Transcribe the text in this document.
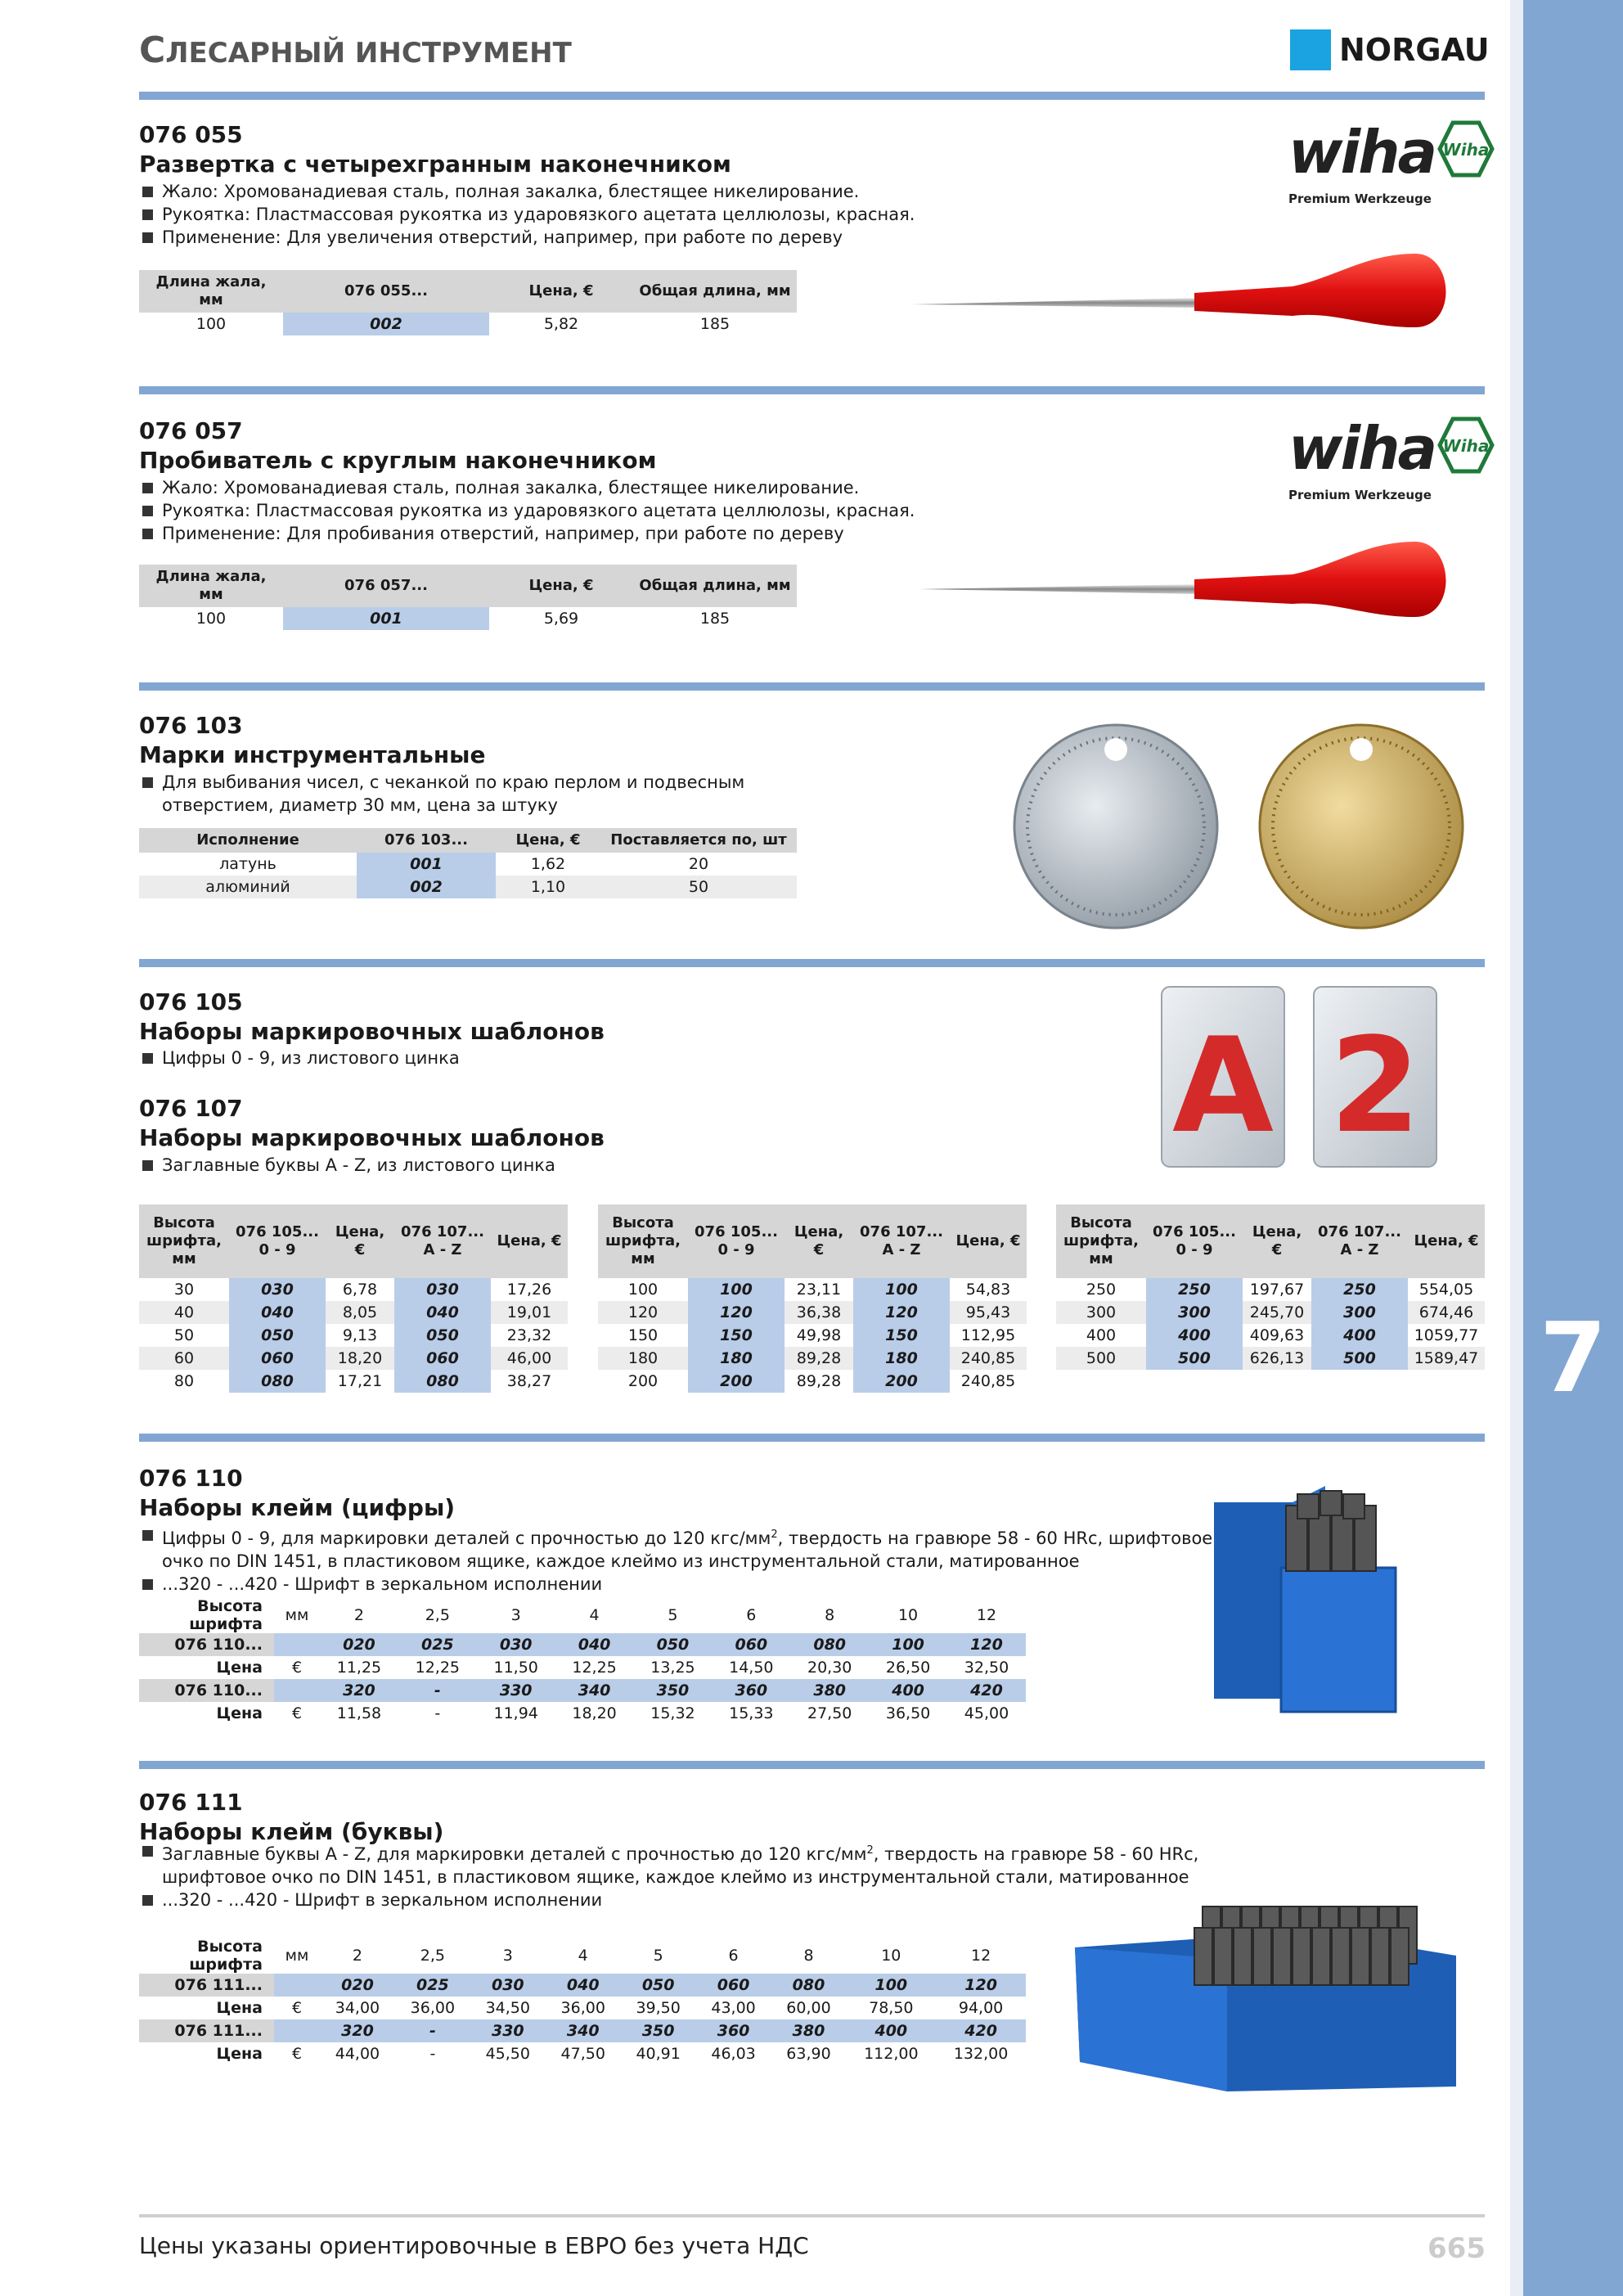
7
СЛЕСАРНЫЙ ИНСТРУМЕНТ	NORGAU
076 055
Развертка с четырехгранным наконечником
Жало: Хромованадиевая сталь, полная закалка, блестящее никелирование.
Рукоятка: Пластмассовая рукоятка из ударовязкого ацетата целлюлозы, красная.
Применение: Для увеличения отверстий, например, при работе по дереву
Длина жала, мм	076 055...	Цена, €	Общая длина, мм
100	002	5,82	185
wiha Wiha
Premium Werkzeuge
076 057
Пробиватель с круглым наконечником
Жало: Хромованадиевая сталь, полная закалка, блестящее никелирование.
Рукоятка: Пластмассовая рукоятка из ударовязкого ацетата целлюлозы, красная.
Применение: Для пробивания отверстий, например, при работе по дереву
Длина жала, мм	076 057...	Цена, €	Общая длина, мм
100	001	5,69	185
wiha Wiha
Premium Werkzeuge
076 103
Марки инструментальные
Для выбивания чисел, с чеканкой по краю перлом и подвесным
отверстием, диаметр 30 мм, цена за штуку
Исполнение	076 103...	Цена, €	Поставляется по, шт
латунь	001	1,62	20
алюминий	002	1,10	50
076 105
Наборы маркировочных шаблонов
Цифры 0 - 9, из листового цинка
076 107
Наборы маркировочных шаблонов
Заглавные буквы A - Z, из листового цинка
A 2
Высота шрифта, мм	076 105... 0 - 9	Цена, €	076 107... A - Z	Цена, €
30	030	6,78	030	17,26
40	040	8,05	040	19,01
50	050	9,13	050	23,32
60	060	18,20	060	46,00
80	080	17,21	080	38,27
Высота шрифта, мм	076 105... 0 - 9	Цена, €	076 107... A - Z	Цена, €
100	100	23,11	100	54,83
120	120	36,38	120	95,43
150	150	49,98	150	112,95
180	180	89,28	180	240,85
200	200	89,28	200	240,85
Высота шрифта, мм	076 105... 0 - 9	Цена, €	076 107... A - Z	Цена, €
250	250	197,67	250	554,05
300	300	245,70	300	674,46
400	400	409,63	400	1059,77
500	500	626,13	500	1589,47
076 110
Наборы клейм (цифры)
Цифры 0 - 9, для маркировки деталей с прочностью до 120 кгс/$мм^2$, твердость на гравюре 58 - 60 HRc, шрифтовое
очко по DIN 1451, в пластиковом ящике, каждое клеймо из инструментальной стали, матированное
...320 - ...420 - Шрифт в зеркальном исполнении
Высота шрифта	мм	2	2,5	3	4	5	6	8	10	12
076 110...		020	025	030	040	050	060	080	100	120
Цена	€	11,25	12,25	11,50	12,25	13,25	14,50	20,30	26,50	32,50
076 110...		320	-	330	340	350	360	380	400	420
Цена	€	11,58	-	11,94	18,20	15,32	15,33	27,50	36,50	45,00
076 111
Наборы клейм (буквы)
Заглавные буквы A - Z, для маркировки деталей с прочностью до 120 кгс/$мм^2$, твердость на гравюре 58 - 60 HRc,
шрифтовое очко по DIN 1451, в пластиковом ящике, каждое клеймо из инструментальной стали, матированное
...320 - ...420 - Шрифт в зеркальном исполнении
Высота шрифта	мм	2	2,5	3	4	5	6	8	10	12
076 111...		020	025	030	040	050	060	080	100	120
Цена	€	34,00	36,00	34,50	36,00	39,50	43,00	60,00	78,50	94,00
076 111...		320	-	330	340	350	360	380	400	420
Цена	€	44,00	-	45,50	47,50	40,91	46,03	63,90	112,00	132,00
Цены указаны ориентировочные в ЕВРО без учета НДС	665
